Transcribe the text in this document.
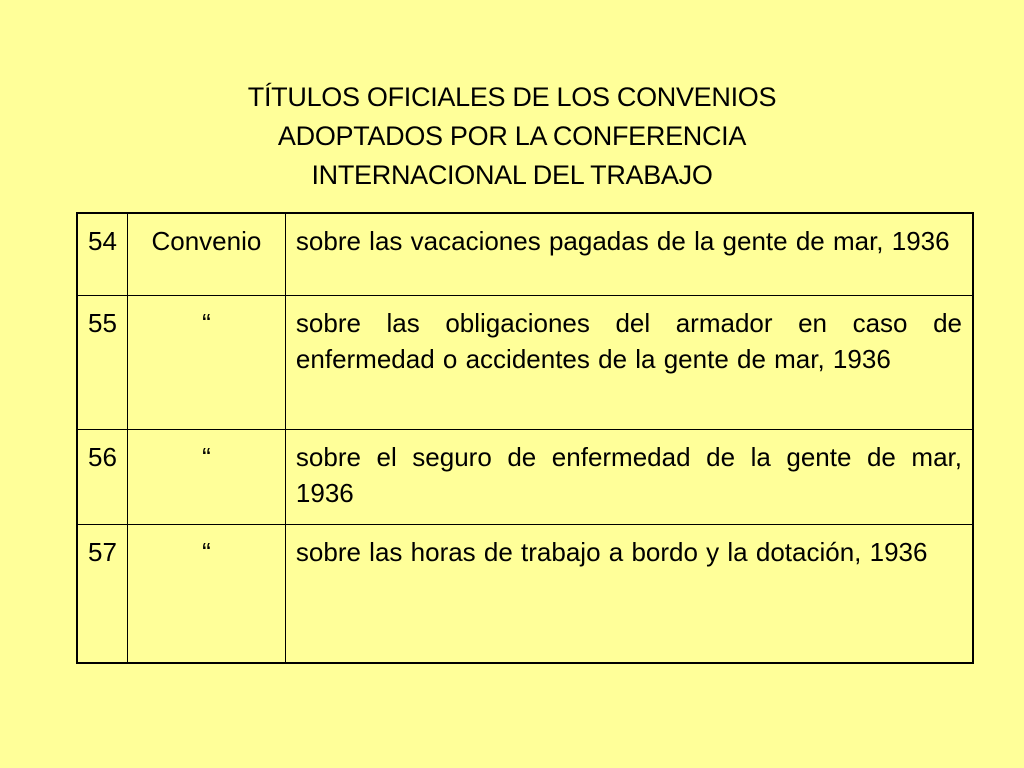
TÍTULOS OFICIALES DE LOS CONVENIOS
ADOPTADOS POR LA CONFERENCIA
INTERNACIONAL DEL TRABAJO
54	Convenio	sobre las vacaciones pagadas de la gente de mar, 1936
55	“	sobre las obligaciones del armador en caso de enfermedad o accidentes de la gente de mar, 1936
56	“	sobre el seguro de enfermedad de la gente de mar, 1936
57	“	sobre las horas de trabajo a bordo y la dotación, 1936
